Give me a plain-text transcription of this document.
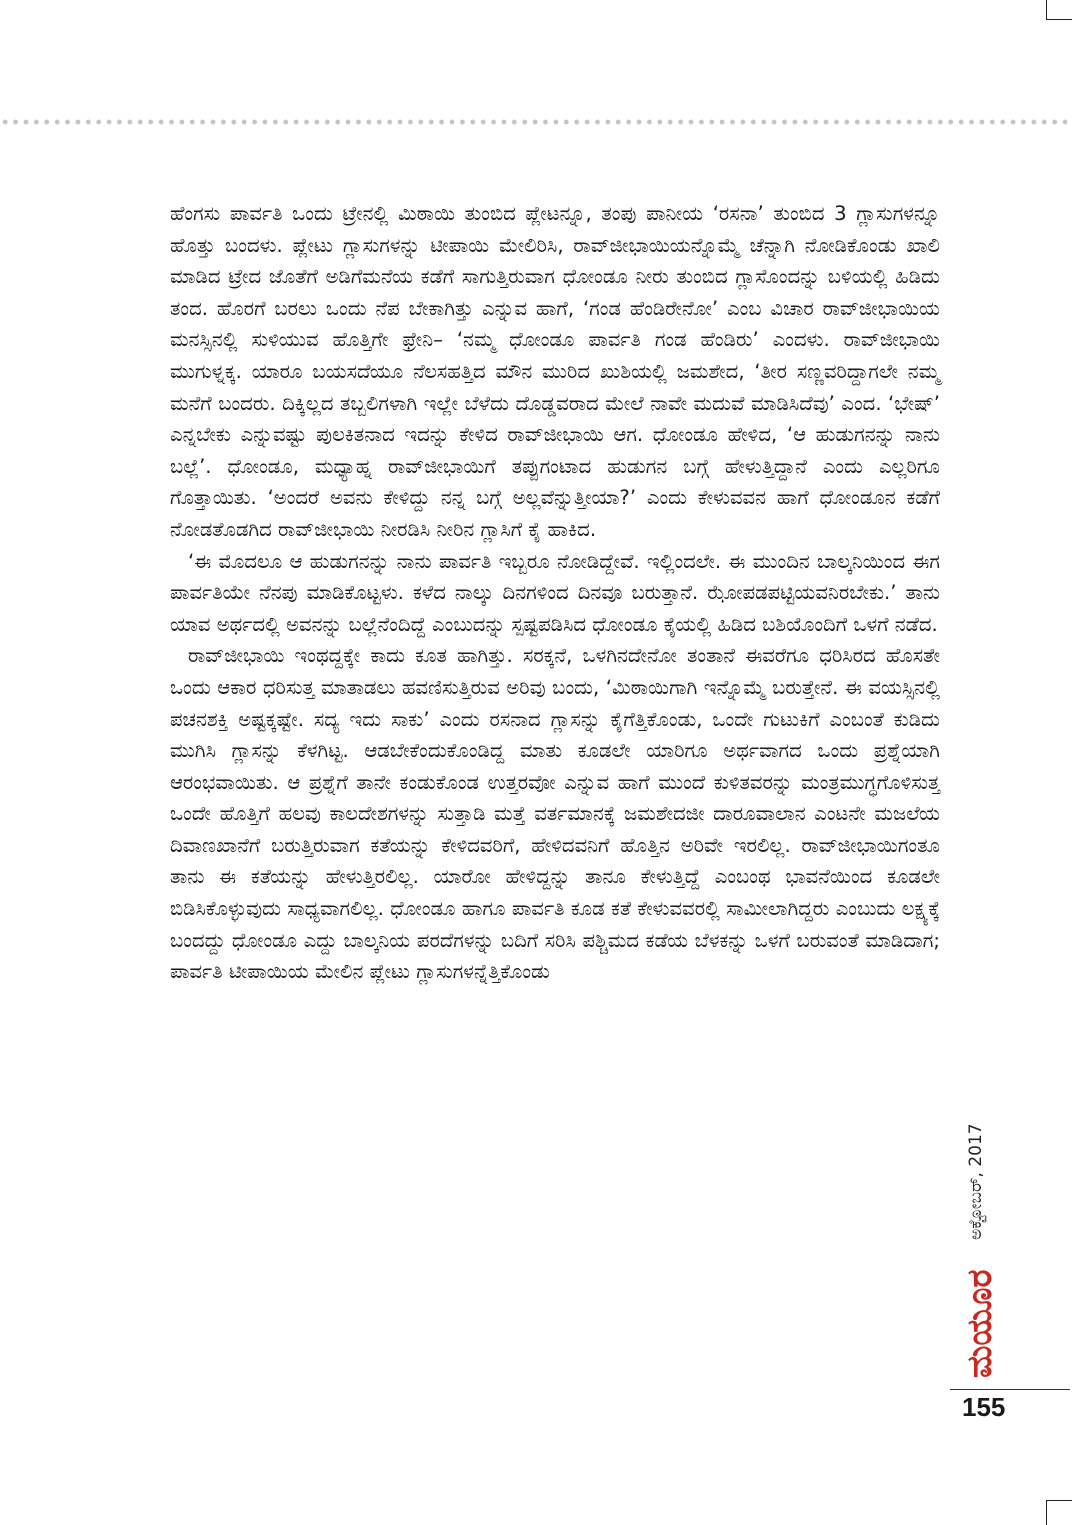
ಹೆಂಗಸು ಪಾರ್ವತಿ ಒಂದು ಟ್ರೇನಲ್ಲಿ ಮಿಠಾಯಿ ತುಂಬಿದ ಪ್ಲೇಟನ್ನೂ, ತಂಪು ಪಾನೀಯ ‘ರಸನಾ’ ತುಂಬಿದ 3 ಗ್ಲಾಸುಗಳನ್ನೂ ಹೊತ್ತು ಬಂದಳು. ಪ್ಲೇಟು ಗ್ಲಾಸುಗಳನ್ನು ಟೀಪಾಯಿ ಮೇಲಿರಿಸಿ, ರಾವ್‌ಜೀಭಾಯಿಯನ್ನೊಮ್ಮೆ ಚೆನ್ನಾಗಿ ನೋಡಿಕೊಂಡು ಖಾಲಿ ಮಾಡಿದ ಟ್ರೇದ ಜೊತೆಗೆ ಅಡಿಗೆಮನೆಯ ಕಡೆಗೆ ಸಾಗುತ್ತಿರುವಾಗ ಧೋಂಡೂ ನೀರು ತುಂಬಿದ ಗ್ಲಾಸೊಂದನ್ನು ಬಳಿಯಲ್ಲಿ ಹಿಡಿದು ತಂದ. ಹೊರಗೆ ಬರಲು ಒಂದು ನೆಪ ಬೇಕಾಗಿತ್ತು ಎನ್ನುವ ಹಾಗೆ, ‘ಗಂಡ ಹೆಂಡಿರೇನೋ’ ಎಂಬ ವಿಚಾರ ರಾವ್‌ಜೀಭಾಯಿಯ ಮನಸ್ಸಿನಲ್ಲಿ ಸುಳಿಯುವ ಹೊತ್ತಿಗೇ ಫ್ರೇನಿ– ‘ನಮ್ಮ ಧೋಂಡೂ ಪಾರ್ವತಿ ಗಂಡ ಹೆಂಡಿರು’ ಎಂದಳು. ರಾವ್‌ಜೀಭಾಯಿ ಮುಗುಳ್ನಕ್ಕ. ಯಾರೂ ಬಯಸದೆಯೂ ನೆಲಸಹತ್ತಿದ ಮೌನ ಮುರಿದ ಖುಶಿಯಲ್ಲಿ ಜಮಶೇದ, ‘ತೀರ ಸಣ್ಣವರಿದ್ದಾಗಲೇ ನಮ್ಮ ಮನೆಗೆ ಬಂದರು. ದಿಕ್ಕಿಲ್ಲದ ತಬ್ಬಲಿಗಳಾಗಿ ಇಲ್ಲೇ ಬೆಳೆದು ದೊಡ್ಡವರಾದ ಮೇಲೆ ನಾವೇ ಮದುವೆ ಮಾಡಿಸಿದೆವು’ ಎಂದ. ‘ಭೇಷ್’ ಎನ್ನಬೇಕು ಎನ್ನುವಷ್ಟು ಪುಲಕಿತನಾದ ಇದನ್ನು ಕೇಳಿದ ರಾವ್‌ಜೀಭಾಯಿ ಆಗ. ಧೋಂಡೂ ಹೇಳಿದ, ‘ಆ ಹುಡುಗನನ್ನು ನಾನು ಬಲ್ಲೆ’. ಧೋಂಡೂ, ಮಧ್ಯಾಹ್ನ ರಾವ್‌ಜೀಭಾಯಿಗೆ ತಪ್ಪುಗಂಟಾದ ಹುಡುಗನ ಬಗ್ಗೆ ಹೇಳುತ್ತಿದ್ದಾನೆ ಎಂದು ಎಲ್ಲರಿಗೂ ಗೊತ್ತಾಯಿತು. ‘ಅಂದರೆ ಅವನು ಕೇಳಿದ್ದು ನನ್ನ ಬಗ್ಗೆ ಅಲ್ಲವೆನ್ನುತ್ತೀಯಾ?’ ಎಂದು ಕೇಳುವವನ ಹಾಗೆ ಧೋಂಡೂನ ಕಡೆಗೆ ನೋಡತೊಡಗಿದ ರಾವ್‌ಜೀಭಾಯಿ ನೀರಡಿಸಿ ನೀರಿನ ಗ್ಲಾಸಿಗೆ ಕೈ ಹಾಕಿದ.

‘ಈ ಮೊದಲೂ ಆ ಹುಡುಗನನ್ನು ನಾನು ಪಾರ್ವತಿ ಇಬ್ಬರೂ ನೋಡಿದ್ದೇವೆ. ಇಲ್ಲಿಂದಲೇ. ಈ ಮುಂದಿನ ಬಾಲ್ಕನಿಯಿಂದ ಈಗ ಪಾರ್ವತಿಯೇ ನೆನಪು ಮಾಡಿಕೊಟ್ಟಳು. ಕಳೆದ ನಾಲ್ಕು ದಿನಗಳಿಂದ ದಿನವೂ ಬರುತ್ತಾನೆ. ಝೋಪಡಪಟ್ಟಿಯವನಿರಬೇಕು.’ ತಾನು ಯಾವ ಅರ್ಥದಲ್ಲಿ ಅವನನ್ನು ಬಲ್ಲೆನೆಂದಿದ್ದೆ ಎಂಬುದನ್ನು ಸ್ಪಷ್ಟಪಡಿಸಿದ ಧೋಂಡೂ ಕೈಯಲ್ಲಿ ಹಿಡಿದ ಬಶಿಯೊಂದಿಗೆ ಒಳಗೆ ನಡೆದ.

ರಾವ್‌ಜೀಭಾಯಿ ಇಂಥದ್ದಕ್ಕೇ ಕಾದು ಕೂತ ಹಾಗಿತ್ತು. ಸರಕ್ಕನೆ, ಒಳಗಿನದೇನೋ ತಂತಾನೆ ಈವರೆಗೂ ಧರಿಸಿರದ ಹೊಸತೇ ಒಂದು ಆಕಾರ ಧರಿಸುತ್ತ ಮಾತಾಡಲು ಹವಣಿಸುತ್ತಿರುವ ಅರಿವು ಬಂದು, ‘ಮಿಠಾಯಿಗಾಗಿ ಇನ್ನೊಮ್ಮೆ ಬರುತ್ತೇನೆ. ಈ ವಯಸ್ಸಿನಲ್ಲಿ ಪಚನಶಕ್ತಿ ಅಷ್ಟಕ್ಕಷ್ಟೇ. ಸದ್ಯ ಇದು ಸಾಕು’ ಎಂದು ರಸನಾದ ಗ್ಲಾಸನ್ನು ಕೈಗೆತ್ತಿಕೊಂಡು, ಒಂದೇ ಗುಟುಕಿಗೆ ಎಂಬಂತೆ ಕುಡಿದು ಮುಗಿಸಿ ಗ್ಲಾಸನ್ನು ಕೆಳಗಿಟ್ಟ. ಆಡಬೇಕೆಂದುಕೊಂಡಿದ್ದ ಮಾತು ಕೂಡಲೇ ಯಾರಿಗೂ ಅರ್ಥವಾಗದ ಒಂದು ಪ್ರಶ್ನೆಯಾಗಿ ಆರಂಭವಾಯಿತು. ಆ ಪ್ರಶ್ನೆಗೆ ತಾನೇ ಕಂಡುಕೊಂಡ ಉತ್ತರವೋ ಎನ್ನುವ ಹಾಗೆ ಮುಂದೆ ಕುಳಿತವರನ್ನು ಮಂತ್ರಮುಗ್ಧಗೊಳಿಸುತ್ತ ಒಂದೇ ಹೊತ್ತಿಗೆ ಹಲವು ಕಾಲದೇಶಗಳನ್ನು ಸುತ್ತಾಡಿ ಮತ್ತೆ ವರ್ತಮಾನಕ್ಕೆ ಜಮಶೇದಜೀ ದಾರೂವಾಲಾನ ಎಂಟನೇ ಮಜಲೆಯ ದಿವಾಣಖಾನೆಗೆ ಬರುತ್ತಿರುವಾಗ ಕತೆಯನ್ನು ಕೇಳಿದವರಿಗೆ, ಹೇಳಿದವನಿಗೆ ಹೊತ್ತಿನ ಅರಿವೇ ಇರಲಿಲ್ಲ. ರಾವ್‌ಜೀಭಾಯಿಗಂತೂ ತಾನು ಈ ಕತೆಯನ್ನು ಹೇಳುತ್ತಿರಲಿಲ್ಲ. ಯಾರೋ ಹೇಳಿದ್ದನ್ನು ತಾನೂ ಕೇಳುತ್ತಿದ್ದೆ ಎಂಬಂಥ ಭಾವನೆಯಿಂದ ಕೂಡಲೇ ಬಿಡಿಸಿಕೊಳ್ಳುವುದು ಸಾಧ್ಯವಾಗಲಿಲ್ಲ. ಧೋಂಡೂ ಹಾಗೂ ಪಾರ್ವತಿ ಕೂಡ ಕತೆ ಕೇಳುವವರಲ್ಲಿ ಸಾಮೀಲಾಗಿದ್ದರು ಎಂಬುದು ಲಕ್ಷ್ಯಕ್ಕೆ ಬಂದದ್ದು ಧೋಂಡೂ ಎದ್ದು ಬಾಲ್ಕನಿಯ ಪರದೆಗಳನ್ನು ಬದಿಗೆ ಸರಿಸಿ ಪಶ್ಚಿಮದ ಕಡೆಯ ಬೆಳಕನ್ನು ಒಳಗೆ ಬರುವಂತೆ ಮಾಡಿದಾಗ; ಪಾರ್ವತಿ ಟೀಪಾಯಿಯ ಮೇಲಿನ ಪ್ಲೇಟು ಗ್ಲಾಸುಗಳನ್ನೆತ್ತಿಕೊಂಡು

ಅಕ್ಟೋಬರ್, 2017
ಮಯೂರ
155
